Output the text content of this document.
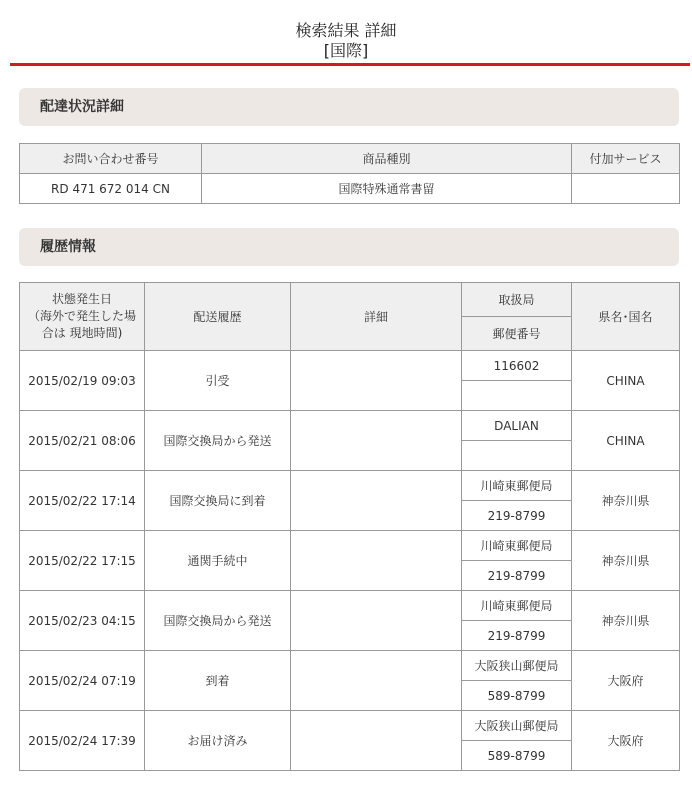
検索結果 詳細
[国際]
配達状況詳細
お問い合わせ番号	商品種別	付加サービス
RD 471 672 014 CN	国際特殊通常書留	
履歴情報
状態発生日
（海外で発生した場
合は 現地時間)	配送履歴	詳細	取扱局	県名･国名
			郵便番号	
2015/02/19 09:03	引受		116602	CHINA

2015/02/21 08:06	国際交換局から発送		DALIAN	CHINA

2015/02/22 17:14	国際交換局に到着		川崎東郵便局	神奈川県
			219-8799	
2015/02/22 17:15	通関手続中		川崎東郵便局	神奈川県
			219-8799	
2015/02/23 04:15	国際交換局から発送		川崎東郵便局	神奈川県
			219-8799	
2015/02/24 07:19	到着		大阪狭山郵便局	大阪府
			589-8799	
2015/02/24 17:39	お届け済み		大阪狭山郵便局	大阪府
			589-8799	
